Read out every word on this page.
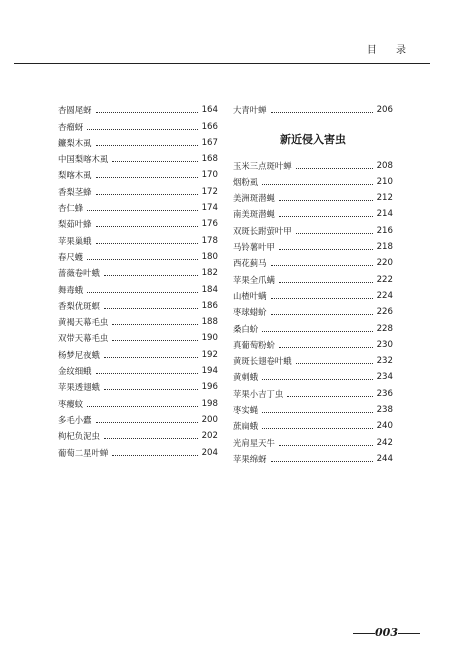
目 录
杏圆尾蚜	164
杏瘤蚜	166
鐮梨木虱	167
中国梨喀木虱	168
梨喀木虱	170
香梨茎蜂	172
杏仁蜂	174
梨茹叶蜂	176
苹果巢蛾	178
春尺蠖	180
蔷薇卷叶蛾	182
舞毒蛾	184
香梨优斑螟	186
黄褐天幕毛虫	188
双带天幕毛虫	190
杨梦尼夜蛾	192
金纹细蛾	194
苹果透翅蛾	196
枣瘿蚊	198
多毛小蠹	200
枸杞负泥虫	202
葡萄二星叶蝉	204
大青叶蝉	206
新近侵入害虫
玉米三点斑叶蝉	208
烟粉虱	210
美洲斑潜蝇	212
南美斑潜蝇	214
双斑长跗萤叶甲	216
马铃薯叶甲	218
西花蓟马	220
苹果全爪螨	222
山楂叶螨	224
枣球蜡蚧	226
桑白蚧	228
真葡萄粉蚧	230
黄斑长翅卷叶蛾	232
黄刺蛾	234
苹果小吉丁虫	236
枣实蝇	238
蔗扁蛾	240
光肩星天牛	242
苹果绵蚜	244
003
